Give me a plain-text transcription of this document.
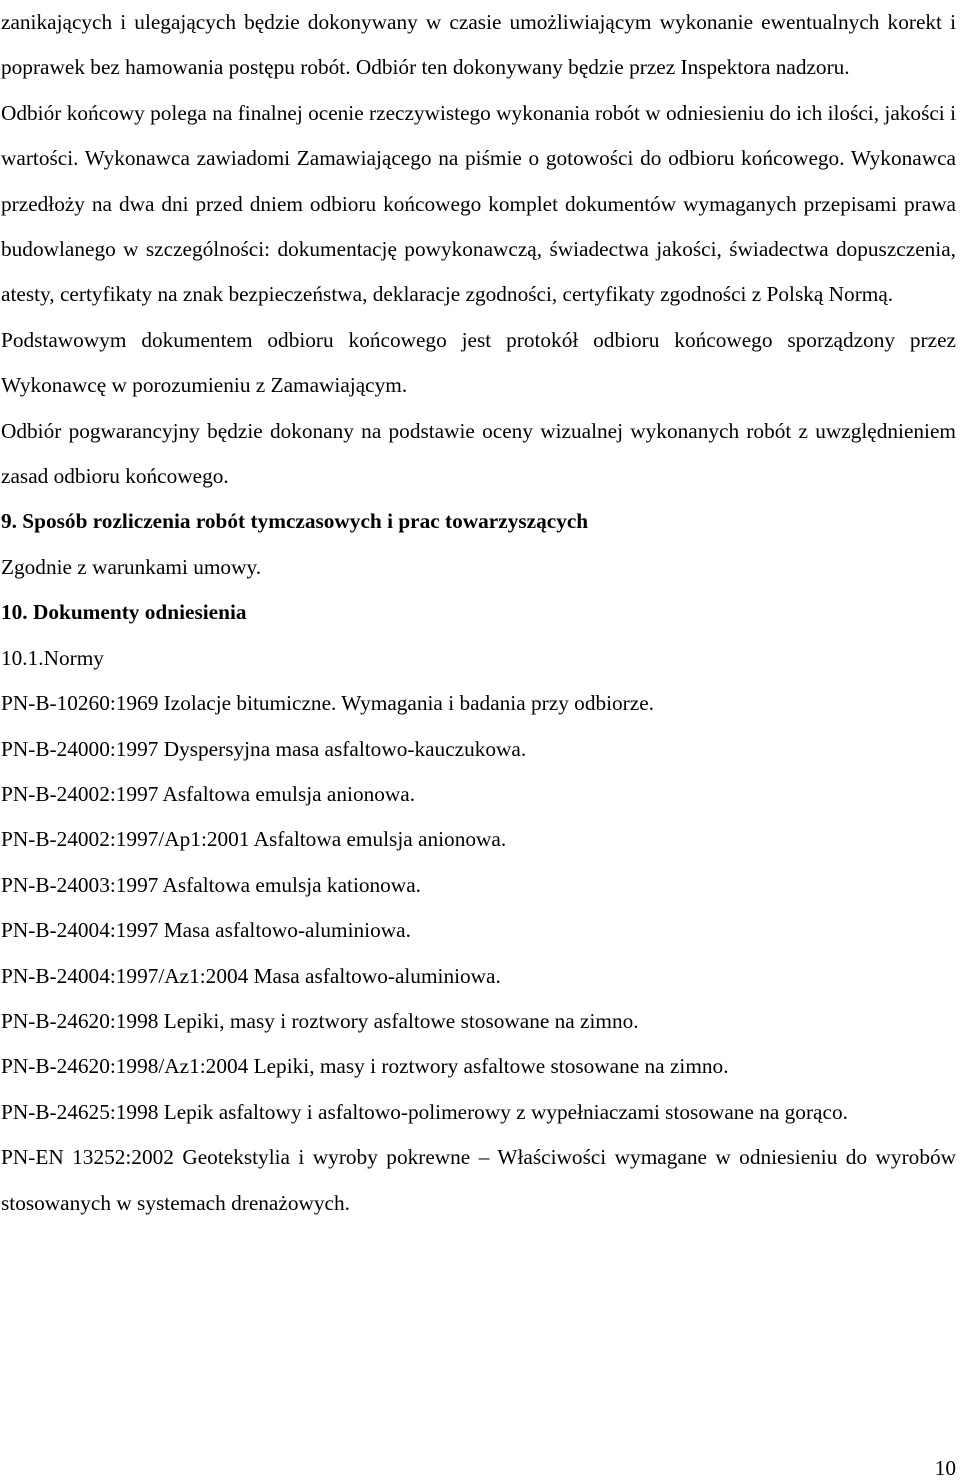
zanikających i ulegających będzie dokonywany w czasie umożliwiającym wykonanie ewentualnych korekt i poprawek bez hamowania postępu robót. Odbiór ten dokonywany będzie przez Inspektora nadzoru.

Odbiór końcowy polega na finalnej ocenie rzeczywistego wykonania robót w odniesieniu do ich ilości, jakości i wartości. Wykonawca zawiadomi Zamawiającego na piśmie o gotowości do odbioru końcowego. Wykonawca przedłoży na dwa dni przed dniem odbioru końcowego komplet dokumentów wymaganych przepisami prawa budowlanego w szczególności: dokumentację powykonawczą, świadectwa jakości, świadectwa dopuszczenia, atesty, certyfikaty na znak bezpieczeństwa, deklaracje zgodności, certyfikaty zgodności z Polską Normą.

Podstawowym dokumentem odbioru końcowego jest protokół odbioru końcowego sporządzony przez Wykonawcę w porozumieniu z Zamawiającym.

Odbiór pogwarancyjny będzie dokonany na podstawie oceny wizualnej wykonanych robót z uwzględnieniem zasad odbioru końcowego.

9. Sposób rozliczenia robót tymczasowych i prac towarzyszących

Zgodnie z warunkami umowy.

10. Dokumenty odniesienia

10.1.Normy

PN-B-10260:1969 Izolacje bitumiczne. Wymagania i badania przy odbiorze.

PN-B-24000:1997 Dyspersyjna masa asfaltowo-kauczukowa.

PN-B-24002:1997 Asfaltowa emulsja anionowa.

PN-B-24002:1997/Ap1:2001 Asfaltowa emulsja anionowa.

PN-B-24003:1997 Asfaltowa emulsja kationowa.

PN-B-24004:1997 Masa asfaltowo-aluminiowa.

PN-B-24004:1997/Az1:2004 Masa asfaltowo-aluminiowa.

PN-B-24620:1998 Lepiki, masy i roztwory asfaltowe stosowane na zimno.

PN-B-24620:1998/Az1:2004 Lepiki, masy i roztwory asfaltowe stosowane na zimno.

PN-B-24625:1998 Lepik asfaltowy i asfaltowo-polimerowy z wypełniaczami stosowane na gorąco.

PN-EN 13252:2002 Geotekstylia i wyroby pokrewne – Właściwości wymagane w odniesieniu do wyrobów stosowanych w systemach drenażowych.

10
